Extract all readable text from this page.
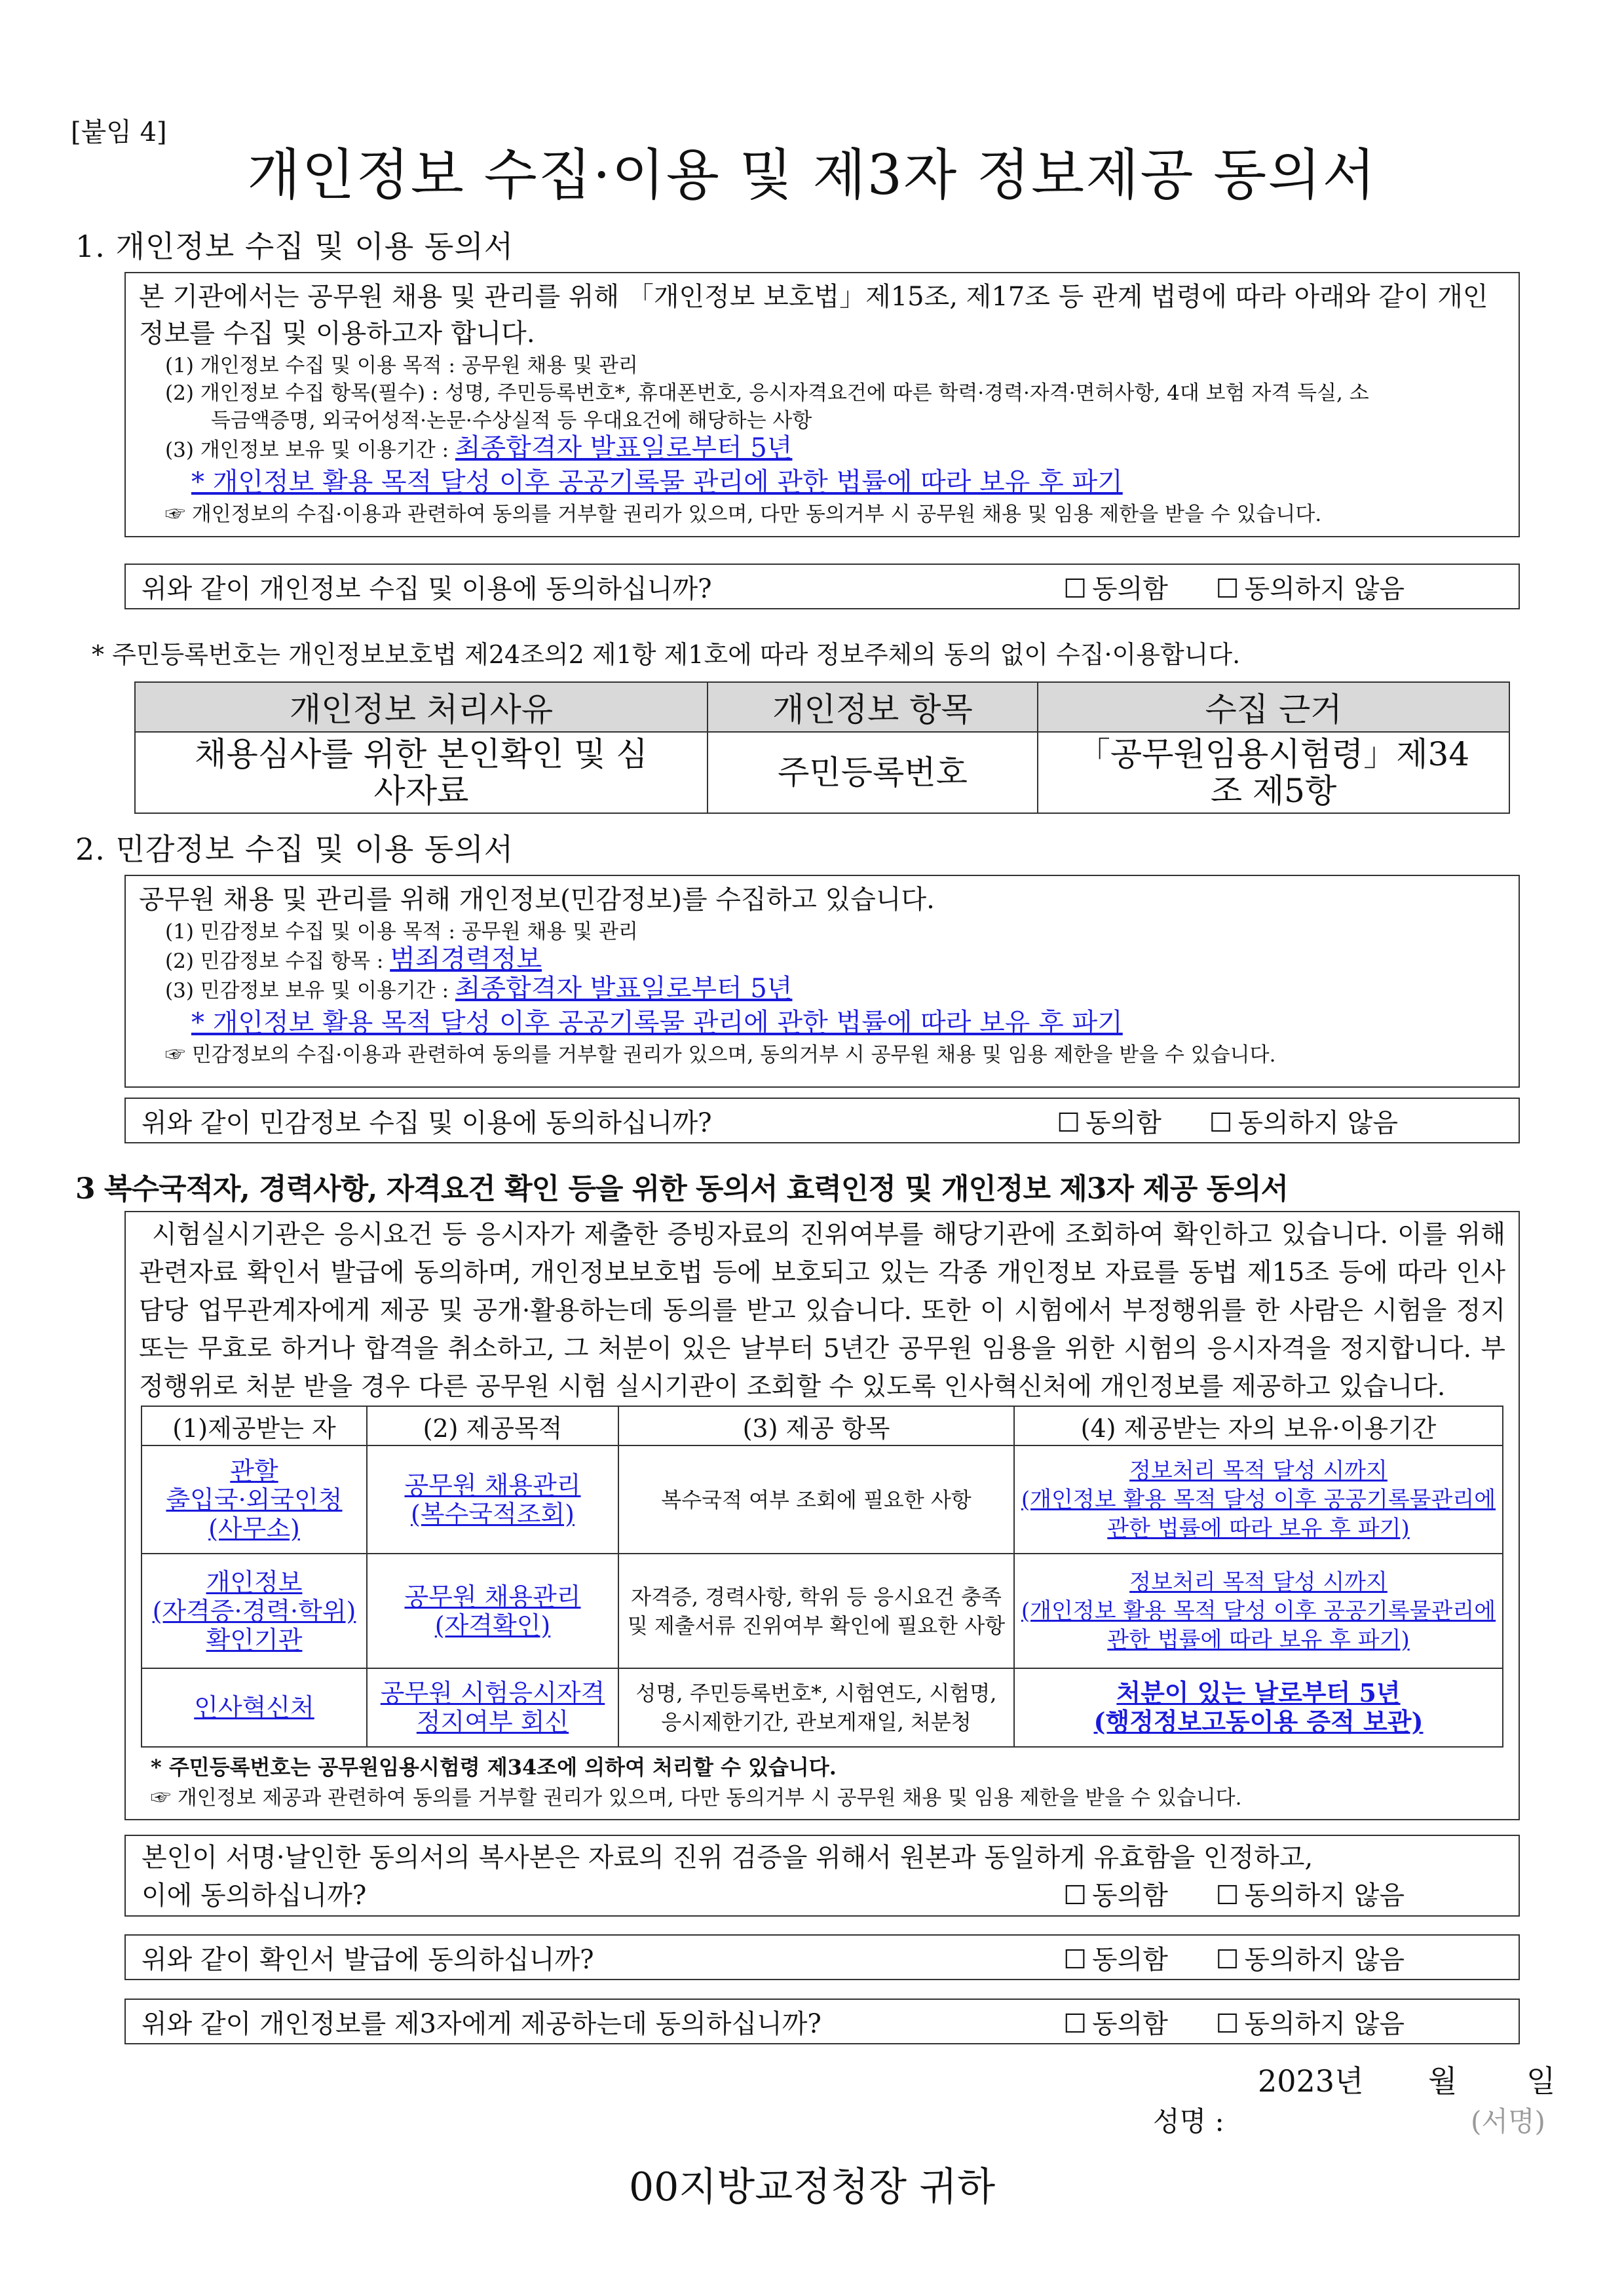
[붙임 4]
개인정보 수집·이용 및 제3자 정보제공 동의서
1. 개인정보 수집 및 이용 동의서

본 기관에서는 공무원 채용 및 관리를 위해 「개인정보 보호법」제15조, 제17조 등 관계 법령에 따라 아래와 같이 개인정보를 수집 및 이용하고자 합니다.

(1) 개인정보 수집 및 이용 목적 : 공무원 채용 및 관리

(2) 개인정보 수집 항목(필수) : 성명, 주민등록번호*, 휴대폰번호, 응시자격요건에 따른 학력·경력·자격·면허사항, 4대 보험 자격 득실, 소

득금액증명, 외국어성적·논문·수상실적 등 우대요건에 해당하는 사항

(3) 개인정보 보유 및 이용기간 : 최종합격자 발표일로부터 5년

* 개인정보 활용 목적 달성 이후 공공기록물 관리에 관한 법률에 따라 보유 후 파기

☞ 개인정보의 수집·이용과 관련하여 동의를 거부할 권리가 있으며, 다만 동의거부 시 공무원 채용 및 임용 제한을 받을 수 있습니다.

위와 같이 개인정보 수집 및 이용에 동의하십니까?	☐ 동의함 ☐ 동의하지 않음
* 주민등록번호는 개인정보보호법 제24조의2 제1항 제1호에 따라 정보주체의 동의 없이 수집·이용합니다.
개인정보 처리사유	개인정보 항목	수집 근거
채용심사를 위한 본인확인 및 심사자료	주민등록번호	「공무원임용시험령」제34조 제5항
2. 민감정보 수집 및 이용 동의서

공무원 채용 및 관리를 위해 개인정보(민감정보)를 수집하고 있습니다.

(1) 민감정보 수집 및 이용 목적 : 공무원 채용 및 관리

(2) 민감정보 수집 항목 : 범죄경력정보

(3) 민감정보 보유 및 이용기간 : 최종합격자 발표일로부터 5년

* 개인정보 활용 목적 달성 이후 공공기록물 관리에 관한 법률에 따라 보유 후 파기

☞ 민감정보의 수집·이용과 관련하여 동의를 거부할 권리가 있으며, 동의거부 시 공무원 채용 및 임용 제한을 받을 수 있습니다.

위와 같이 민감정보 수집 및 이용에 동의하십니까?	☐ 동의함 ☐ 동의하지 않음
3 복수국적자, 경력사항, 자격요건 확인 등을 위한 동의서 효력인정 및 개인정보 제3자 제공 동의서

시험실시기관은 응시요건 등 응시자가 제출한 증빙자료의 진위여부를 해당기관에 조회하여 확인하고 있습니다. 이를 위해 관련자료 확인서 발급에 동의하며, 개인정보보호법 등에 보호되고 있는 각종 개인정보 자료를 동법 제15조 등에 따라 인사담당 업무관계자에게 제공 및 공개·활용하는데 동의를 받고 있습니다. 또한 이 시험에서 부정행위를 한 사람은 시험을 정지 또는 무효로 하거나 합격을 취소하고, 그 처분이 있은 날부터 5년간 공무원 임용을 위한 시험의 응시자격을 정지합니다. 부정행위로 처분 받을 경우 다른 공무원 시험 실시기관이 조회할 수 있도록 인사혁신처에 개인정보를 제공하고 있습니다.

(1)제공받는 자	(2) 제공목적	(3) 제공 항목	(4) 제공받는 자의 보유·이용기간
관할
출입국·외국인청
(사무소)	공무원 채용관리
(복수국적조회)	복수국적 여부 조회에 필요한 사항	정보처리 목적 달성 시까지
(개인정보 활용 목적 달성 이후 공공기록물관리에 관한 법률에 따라 보유 후 파기)
개인정보
(자격증·경력·학위)
확인기관	공무원 채용관리
(자격확인)	자격증, 경력사항, 학위 등 응시요건 충족 및 제출서류 진위여부 확인에 필요한 사항	정보처리 목적 달성 시까지
(개인정보 활용 목적 달성 이후 공공기록물관리에 관한 법률에 따라 보유 후 파기)
인사혁신처	공무원 시험응시자격
정지여부 회신	성명, 주민등록번호*, 시험연도, 시험명, 응시제한기간, 관보게재일, 처분청	처분이 있는 날로부터 5년
(행정정보고동이용 증적 보관)
* 주민등록번호는 공무원임용시험령 제34조에 의하여 처리할 수 있습니다.
☞ 개인정보 제공과 관련하여 동의를 거부할 권리가 있으며, 다만 동의거부 시 공무원 채용 및 임용 제한을 받을 수 있습니다.
본인이 서명·날인한 동의서의 복사본은 자료의 진위 검증을 위해서 원본과 동일하게 유효함을 인정하고,
이에 동의하십니까?	☐ 동의함 ☐ 동의하지 않음
위와 같이 확인서 발급에 동의하십니까?	☐ 동의함 ☐ 동의하지 않음
위와 같이 개인정보를 제3자에게 제공하는데 동의하십니까?	☐ 동의함 ☐ 동의하지 않음
2023년 월 일
성명 :	(서명)
00지방교정청장 귀하
